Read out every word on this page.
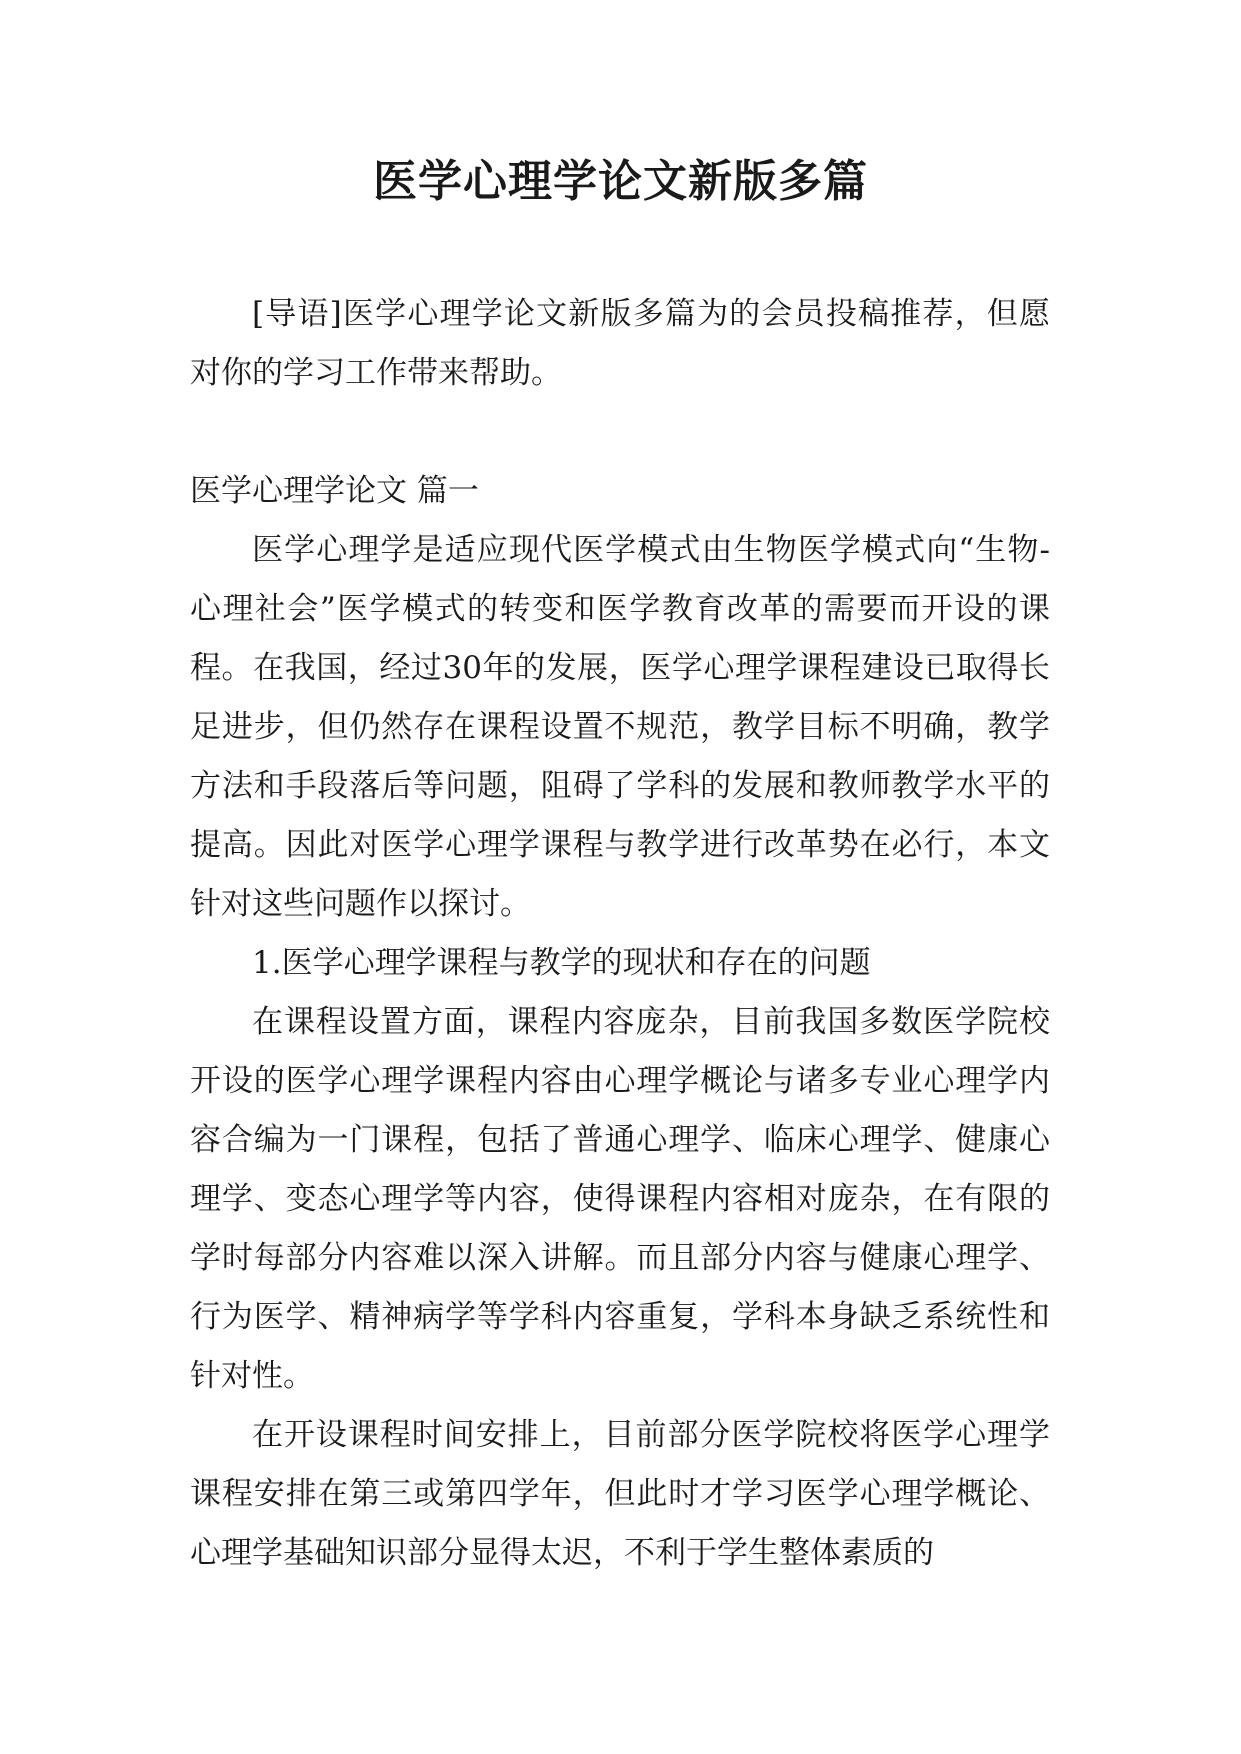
医学心理学论文新版多篇

[导语]医学心理学论文新版多篇为的会员投稿推荐，但愿对你的学习工作带来帮助。

医学心理学论文 篇一

医学心理学是适应现代医学模式由生物医学模式向“生物-心理社会”医学模式的转变和医学教育改革的需要而开设的课程。在我国，经过30年的发展，医学心理学课程建设已取得长足进步，但仍然存在课程设置不规范，教学目标不明确，教学方法和手段落后等问题，阻碍了学科的发展和教师教学水平的提高。因此对医学心理学课程与教学进行改革势在必行，本文针对这些问题作以探讨。

1.医学心理学课程与教学的现状和存在的问题

在课程设置方面，课程内容庞杂，目前我国多数医学院校开设的医学心理学课程内容由心理学概论与诸多专业心理学内容合编为一门课程，包括了普通心理学、临床心理学、健康心理学、变态心理学等内容，使得课程内容相对庞杂，在有限的学时每部分内容难以深入讲解。而且部分内容与健康心理学、行为医学、精神病学等学科内容重复，学科本身缺乏系统性和针对性。

在开设课程时间安排上，目前部分医学院校将医学心理学课程安排在第三或第四学年，但此时才学习医学心理学概论、心理学基础知识部分显得太迟，不利于学生整体素质的
